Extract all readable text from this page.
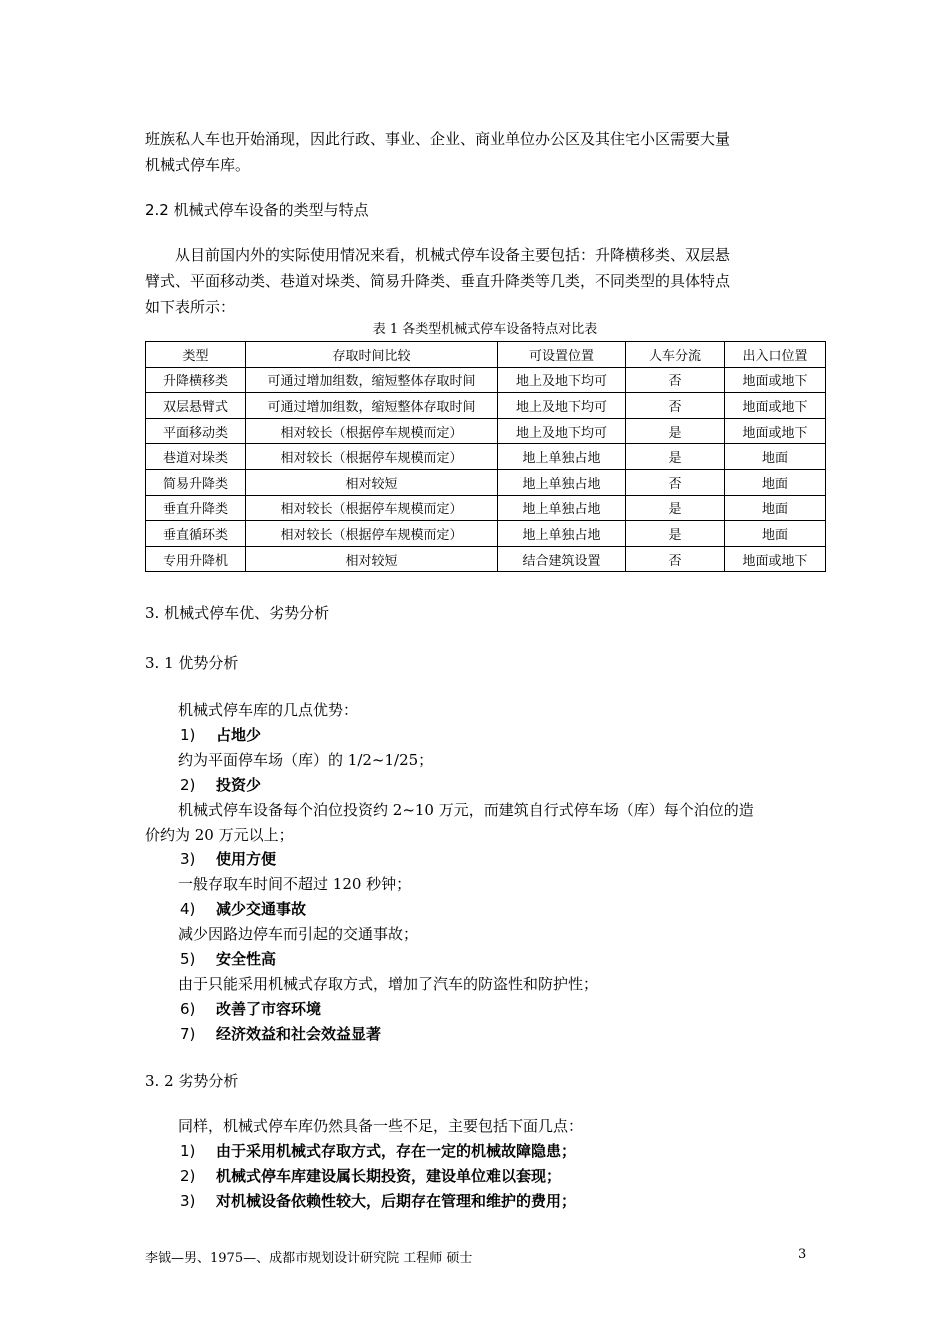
班族私人车也开始涌现，因此行政、事业、企业、商业单位办公区及其住宅小区需要大量
机械式停车库。
2.2 机械式停车设备的类型与特点
从目前国内外的实际使用情况来看，机械式停车设备主要包括：升降横移类、双层悬
臂式、平面移动类、巷道对垛类、简易升降类、垂直升降类等几类，不同类型的具体特点
如下表所示：
表 1 各类型机械式停车设备特点对比表
类型	存取时间比较	可设置位置	人车分流	出入口位置
升降横移类	可通过增加组数，缩短整体存取时间	地上及地下均可	否	地面或地下
双层悬臂式	可通过增加组数，缩短整体存取时间	地上及地下均可	否	地面或地下
平面移动类	相对较长（根据停车规模而定）	地上及地下均可	是	地面或地下
巷道对垛类	相对较长（根据停车规模而定）	地上单独占地	是	地面
简易升降类	相对较短	地上单独占地	否	地面
垂直升降类	相对较长（根据停车规模而定）	地上单独占地	是	地面
垂直循环类	相对较长（根据停车规模而定）	地上单独占地	是	地面
专用升降机	相对较短	结合建筑设置	否	地面或地下
3. 机械式停车优、劣势分析
3. 1 优势分析
机械式停车库的几点优势：
1) 占地少
约为平面停车场（库）的 1/2~1/25；
2) 投资少
机械式停车设备每个泊位投资约 2~10 万元，而建筑自行式停车场（库）每个泊位的造
价约为 20 万元以上；
3) 使用方便
一般存取车时间不超过 120 秒钟；
4) 减少交通事故
减少因路边停车而引起的交通事故；
5) 安全性高
由于只能采用机械式存取方式，增加了汽车的防盗性和防护性；
6) 改善了市容环境
7) 经济效益和社会效益显著
3. 2 劣势分析
同样，机械式停车库仍然具备一些不足，主要包括下面几点：
1) 由于采用机械式存取方式，存在一定的机械故障隐患；
2) 机械式停车库建设属长期投资，建设单位难以套现；
3) 对机械设备依赖性较大，后期存在管理和维护的费用；
李钺—男、1975—、成都市规划设计研究院 工程师 硕士	3
